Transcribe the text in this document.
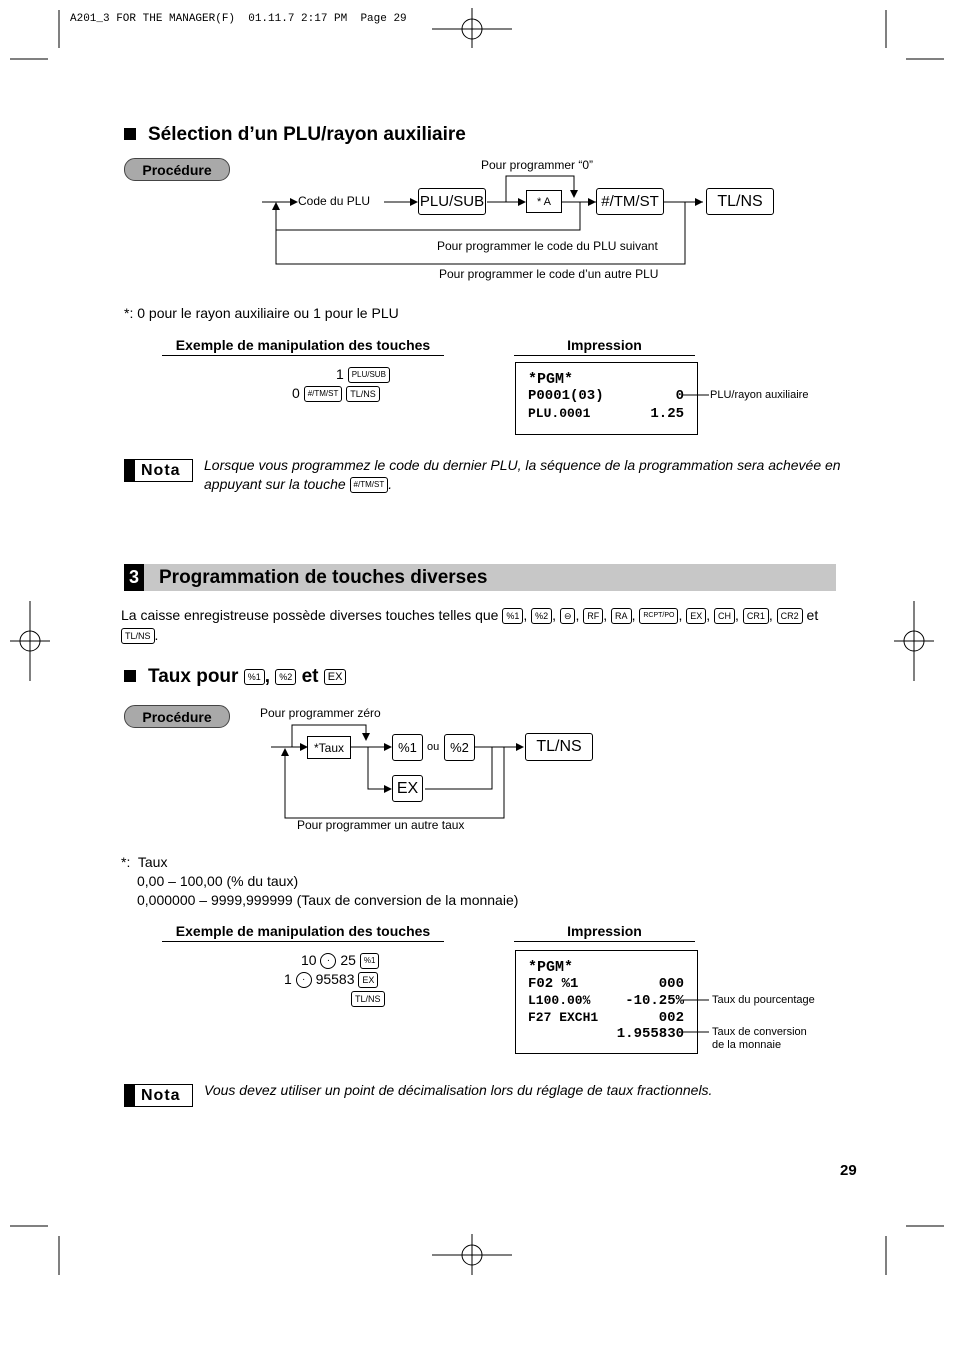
A201_3 FOR THE MANAGER(F)  01.11.7 2:17 PM  Page 29
Sélection d’un PLU/rayon auxiliaire
Procédure	Pour programmer “0”
Code du PLU	PLU/SUB	* A	#/TM/ST	TL/NS
Pour programmer le code du PLU suivant
Pour programmer le code d’un autre PLU
*: 0 pour le rayon auxiliaire ou 1 pour le PLU
Exemple de manipulation des touches	Impression
1 PLU/SUB
0 #/TM/ST TL/NS
*PGM*
P0001(03)	0
PLU.0001	1.25
PLU/rayon auxiliaire
Nota Lorsque vous programmez le code du dernier PLU, la séquence de la programmation sera achevée en appuyant sur la touche #/TM/ST .
3 Programmation de touches diverses
La caisse enregistreuse possède diverses touches telles que %1 , %2 , ⊖ , RF , RA , RCPT/PO , EX , CH , CR1 , CR2 et
TL/NS .
Taux pour %1 , %2 et EX
Procédure	Pour programmer zéro
*Taux	%1 ou %2	TL/NS
EX
Pour programmer un autre taux
*: Taux
0,00 – 100,00 (% du taux)
0,000000 – 9999,999999 (Taux de conversion de la monnaie)
Exemple de manipulation des touches	Impression
10 · 25 %1
1 · 95583 EX
TL/NS
*PGM*
F02 %1	000
L100.00% -10.25%
F27 EXCH1	002
1.955830
Taux du pourcentage
Taux de conversion
de la monnaie
Nota Vous devez utiliser un point de décimalisation lors du réglage de taux fractionnels.
29
